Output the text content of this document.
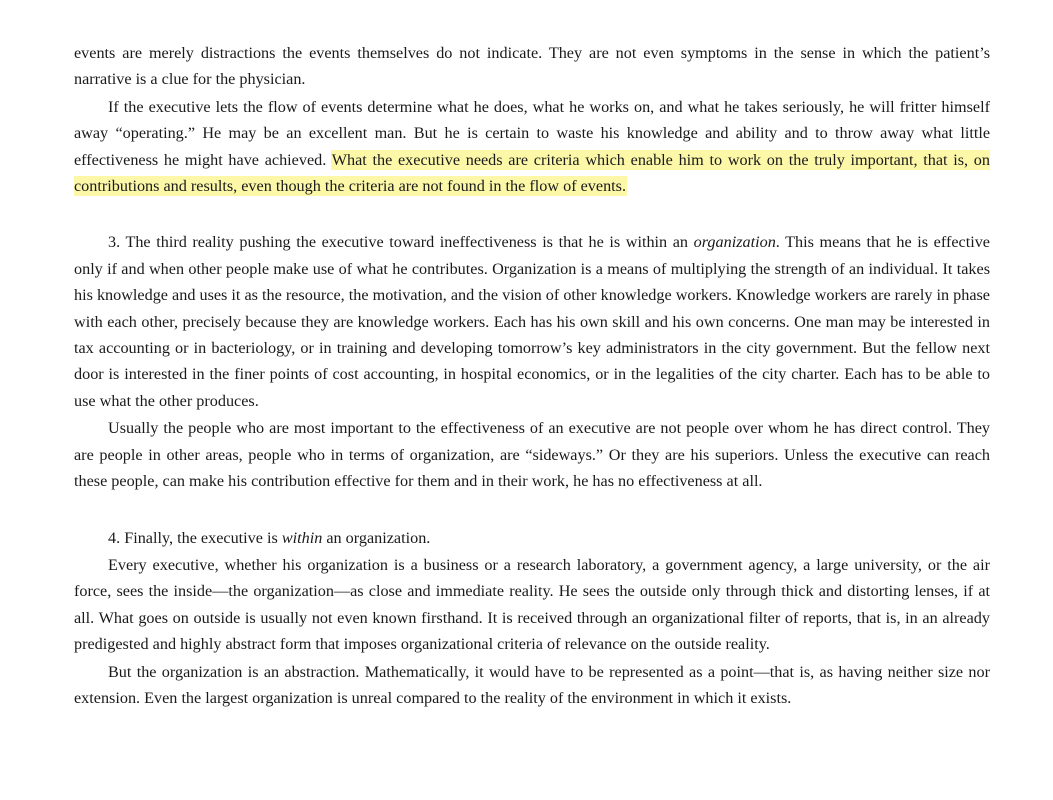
events are merely distractions the events themselves do not indicate. They are not even symptoms in the sense in which the patient’s narrative is a clue for the physician.

If the executive lets the flow of events determine what he does, what he works on, and what he takes seriously, he will fritter himself away “operating.” He may be an excellent man. But he is certain to waste his knowledge and ability and to throw away what little effectiveness he might have achieved. What the executive needs are criteria which enable him to work on the truly important, that is, on contributions and results, even though the criteria are not found in the flow of events.

3. The third reality pushing the executive toward ineffectiveness is that he is within an organization. This means that he is effective only if and when other people make use of what he contributes. Organization is a means of multiplying the strength of an individual. It takes his knowledge and uses it as the resource, the motivation, and the vision of other knowledge workers. Knowledge workers are rarely in phase with each other, precisely because they are knowledge workers. Each has his own skill and his own concerns. One man may be interested in tax accounting or in bacteriology, or in training and developing tomorrow’s key administrators in the city government. But the fellow next door is interested in the finer points of cost accounting, in hospital economics, or in the legalities of the city charter. Each has to be able to use what the other produces.

Usually the people who are most important to the effectiveness of an executive are not people over whom he has direct control. They are people in other areas, people who in terms of organization, are “sideways.” Or they are his superiors. Unless the executive can reach these people, can make his contribution effective for them and in their work, he has no effectiveness at all.

4. Finally, the executive is within an organization.

Every executive, whether his organization is a business or a research laboratory, a government agency, a large university, or the air force, sees the inside—the organization—as close and immediate reality. He sees the outside only through thick and distorting lenses, if at all. What goes on outside is usually not even known firsthand. It is received through an organizational filter of reports, that is, in an already predigested and highly abstract form that imposes organizational criteria of relevance on the outside reality.

But the organization is an abstraction. Mathematically, it would have to be represented as a point—that is, as having neither size nor extension. Even the largest organization is unreal compared to the reality of the environment in which it exists.
